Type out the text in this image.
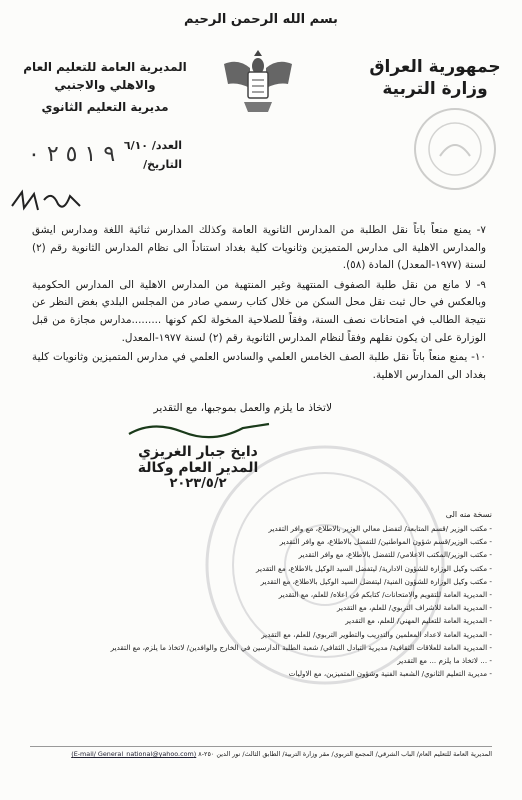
بسم الله الرحمن الرحيم
جمهورية العراق
وزارة التربية
المديرية العامة للتعليم العام
والاهلي والاجنبي
مديرية التعليم الثانوي
العدد/ ٦/١٠
التاريخ/
٩ ١ ٥ ٢ ٠

٧- يمنع منعاً باتاً نقل الطلبة من المدارس الثانوية العامة وكذلك المدارس ثنائية اللغة ومدارس ايشق والمدارس الاهلية الى مدارس المتميزين وثانويات كلية بغداد استناداً الى نظام المدارس الثانوية رقم (٢) لسنة (١٩٧٧-المعدل) المادة (٥٨).

٩- لا مانع من نقل طلبة الصفوف المنتهية وغير المنتهية من المدارس الاهلية الى المدارس الحكومية وبالعكس في حال ثبت نقل محل السكن من خلال كتاب رسمي صادر من المجلس البلدي بغض النظر عن نتيجة الطالب في امتحانات نصف السنة، وفقاً للصلاحية المخولة لكم كونها .........مدارس مجازة من قبل الوزارة على ان يكون نقلهم وفقاً لنظام المدارس الثانوية رقم (٢) لسنة ١٩٧٧-المعدل.

١٠- يمنع منعاً باتاً نقل طلبة الصف الخامس العلمي والسادس العلمي في مدارس المتميزين وثانويات كلية بغداد الى المدارس الاهلية.

لاتخاذ ما يلزم والعمل بموجبها، مع التقدير
دايخ جبار الغريزي
المدير العام وكالة
٢٠٢٣/٥/٢
نسخة منه الى
- مكتب الوزير /قسم المتابعة/ لتفضل معالي الوزير بالاطلاع، مع وافر التقدير
- مكتب الوزير/قسم شؤون المواطنين/ للتفضل بالاطلاع، مع وافر التقدير
- مكتب الوزير/المكتب الاعلامي/ للتفضل بالاطلاع، مع وافر التقدير
- مكتب وكيل الوزارة للشؤون الادارية/ ليتفضل السيد الوكيل بالاطلاع، مع التقدير
- مكتب وكيل الوزارة للشؤون الفنية/ ليتفضل السيد الوكيل بالاطلاع، مع التقدير
- المديرية العامة للتقويم والامتحانات/ كتابكم في اعلاه/ للعلم، مع التقدير
- المديرية العامة للاشراف التربوي/ للعلم، مع التقدير
- المديرية العامة للتعليم المهني/ للعلم، مع التقدير
- المديرية العامة لاعداد المعلمين والتدريب والتطوير التربوي/ للعلم، مع التقدير
- المديرية العامة للعلاقات الثقافية/ مديرية التبادل الثقافي/ شعبة الطلبة الدارسين في الخارج والوافدين/ لاتخاذ ما يلزم، مع التقدير
- ... لاتخاذ ما يلزم ... مع التقدير
- مديرية التعليم الثانوي/ الشعبة الفنية وشؤون المتميزين، مع الاوليات
المديرية العامة للتعليم العام/ الباب الشرقي/ المجمع التربوي/ مقر وزارة التربية/ الطابق الثالث/ نور الدين ٢٥٠-٨ (E-mail/ General_national@yahoo.com)
